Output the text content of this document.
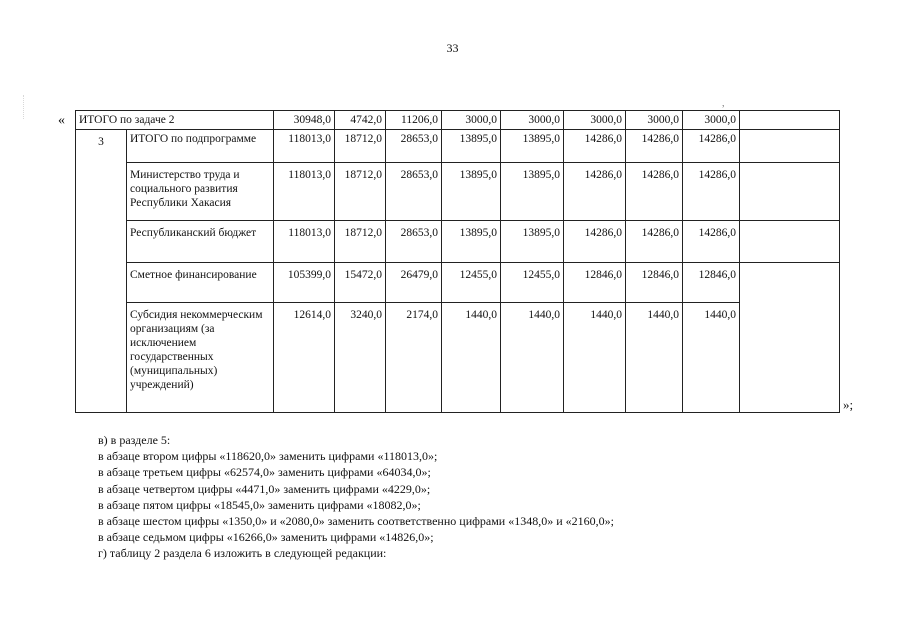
33
,
« ИТОГО по задаче 2		30948,0	4742,0	11206,0	3000,0	3000,0	3000,0	3000,0	3000,0	
3	ИТОГО по подпрограмме	118013,0	18712,0	28653,0	13895,0	13895,0	14286,0	14286,0	14286,0	
	Министерство труда и социального развития Республики Хакасия	118013,0	18712,0	28653,0	13895,0	13895,0	14286,0	14286,0	14286,0	
	Республиканский бюджет	118013,0	18712,0	28653,0	13895,0	13895,0	14286,0	14286,0	14286,0	
	Сметное финансирование	105399,0	15472,0	26479,0	12455,0	12455,0	12846,0	12846,0	12846,0	
	Субсидия некоммерческим организациям (за исключением государственных (муниципальных) учреждений)	12614,0	3240,0	2174,0	1440,0	1440,0	1440,0	1440,0	1440,0	
»;
в) в разделе 5:
в абзаце втором цифры «118620,0» заменить цифрами «118013,0»;
в абзаце третьем цифры «62574,0» заменить цифрами «64034,0»;
в абзаце четвертом цифры «4471,0» заменить цифрами «4229,0»;
в абзаце пятом цифры «18545,0» заменить цифрами «18082,0»;
в абзаце шестом цифры «1350,0» и «2080,0» заменить соответственно цифрами «1348,0» и «2160,0»;
в абзаце седьмом цифры «16266,0» заменить цифрами «14826,0»;
г) таблицу 2 раздела 6 изложить в следующей редакции:
